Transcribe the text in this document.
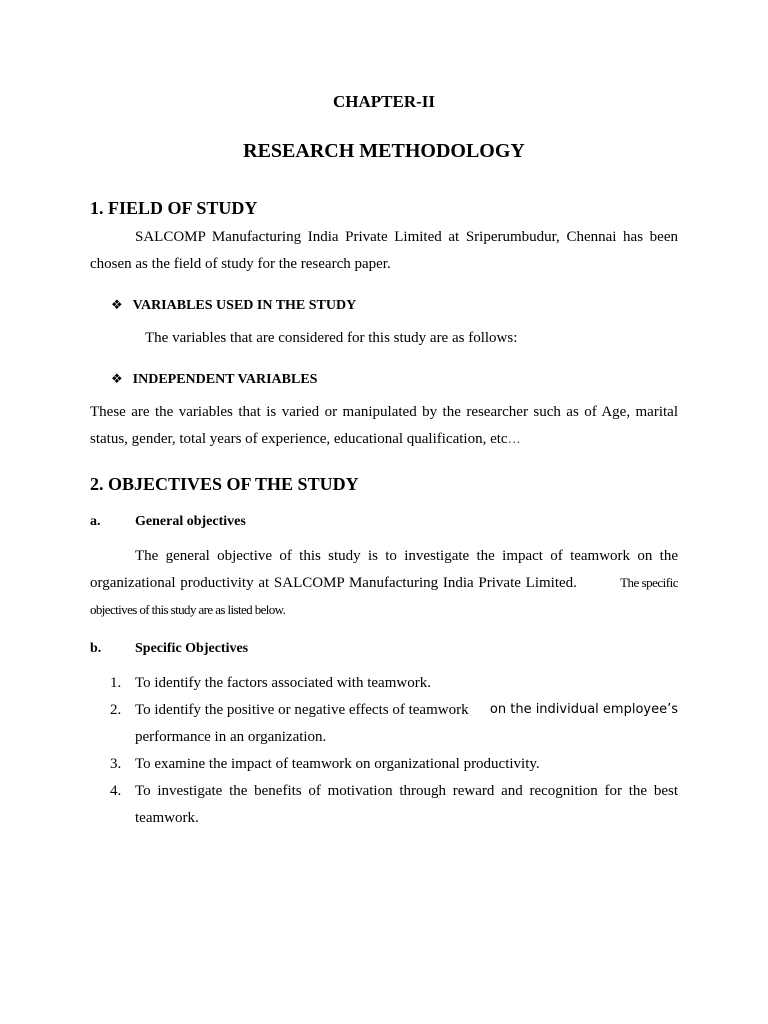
CHAPTER-II
RESEARCH METHODOLOGY
1. FIELD OF STUDY
SALCOMP Manufacturing India Private Limited at Sriperumbudur, Chennai has been
chosen as the field of study for the research paper.
❖ VARIABLES USED IN THE STUDY
The variables that are considered for this study are as follows:
❖ INDEPENDENT VARIABLES
These are the variables that is varied or manipulated by the researcher such as of Age, marital
status, gender, total years of experience, educational qualification, etc…
2. OBJECTIVES OF THE STUDY
a. General objectives
The general objective of this study is to investigate the impact of teamwork on the
organizational productivity at SALCOMP Manufacturing India Private Limited.	The specific
objectives of this study are as listed below.
b. Specific Objectives
1. To identify the factors associated with teamwork.
2. To identify the positive or negative effects of teamwork on the individual employee’s
performance in an organization.
3. To examine the impact of teamwork on organizational productivity.
4. To investigate the benefits of motivation through reward and recognition for the best
teamwork.
